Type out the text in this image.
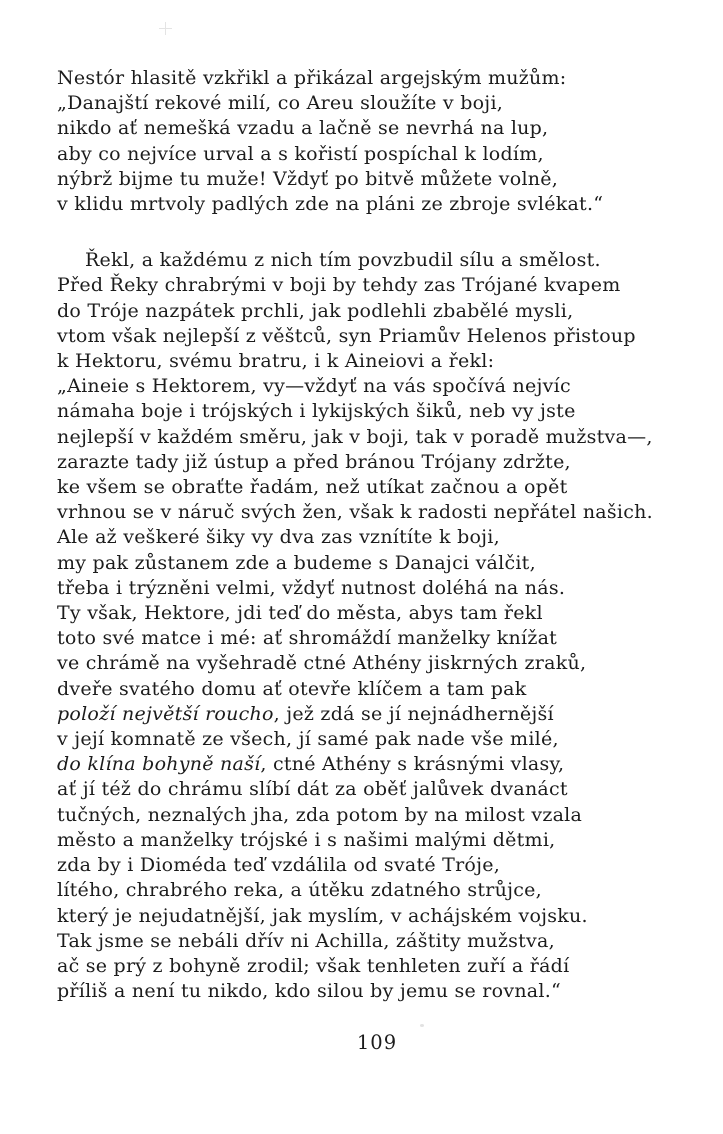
Nestór hlasitě vzkřikl a přikázal argejským mužům:
„Danajští rekové milí, co Areu sloužíte v boji,
nikdo ať nemešká vzadu a lačně se nevrhá na lup,
aby co nejvíce urval a s kořistí pospíchal k lodím,
nýbrž bijme tu muže! Vždyť po bitvě můžete volně,
v klidu mrtvoly padlých zde na pláni ze zbroje svlékat.“
Řekl, a každému z nich tím povzbudil sílu a smělost.
Před Řeky chrabrými v boji by tehdy zas Trójané kvapem
do Tróje nazpátek prchli, jak podlehli zbabělé mysli,
vtom však nejlepší z věštců, syn Priamův Helenos přistoup
k Hektoru, svému bratru, i k Aineiovi a řekl:
„Aineie s Hektorem, vy—vždyť na vás spočívá nejvíc
námaha boje i trójských i lykijských šiků, neb vy jste
nejlepší v každém směru, jak v boji, tak v poradě mužstva—,
zarazte tady již ústup a před bránou Trójany zdržte,
ke všem se obraťte řadám, než utíkat začnou a opět
vrhnou se v náruč svých žen, však k radosti nepřátel našich.
Ale až veškeré šiky vy dva zas vznítíte k boji,
my pak zůstanem zde a budeme s Danajci válčit,
třeba i trýzněni velmi, vždyť nutnost doléhá na nás.
Ty však, Hektore, jdi teď do města, abys tam řekl
toto své matce i mé: ať shromáždí manželky knížat
ve chrámě na vyšehradě ctné Athény jiskrných zraků,
dveře svatého domu ať otevře klíčem a tam pak
položí největší roucho, jež zdá se jí nejnádhernější
v její komnatě ze všech, jí samé pak nade vše milé,
do klína bohyně naší, ctné Athény s krásnými vlasy,
ať jí též do chrámu slíbí dát za oběť jalůvek dvanáct
tučných, neznalých jha, zda potom by na milost vzala
město a manželky trójské i s našimi malými dětmi,
zda by i Dioméda teď vzdálila od svaté Tróje,
lítého, chrabrého reka, a útěku zdatného strůjce,
který je nejudatnější, jak myslím, v achájském vojsku.
Tak jsme se nebáli dřív ni Achilla, záštity mužstva,
ač se prý z bohyně zrodil; však tenhleten zuří a řádí
příliš a není tu nikdo, kdo silou by jemu se rovnal.“
109
